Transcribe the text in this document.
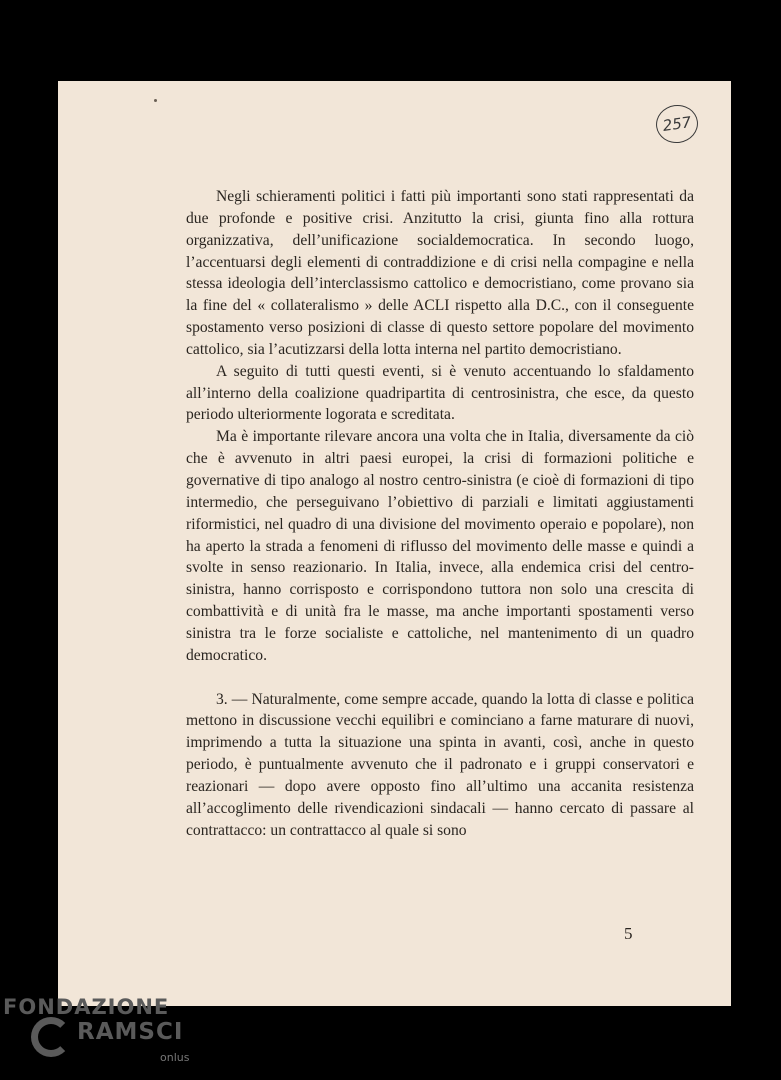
257

Negli schieramenti politici i fatti più importanti sono stati rappresentati da due profonde e positive crisi. Anzitutto la crisi, giunta fino alla rottura organizzativa, dell’unificazione socialdemocratica. In secondo luogo, l’accentuarsi degli elementi di contraddizione e di crisi nella compagine e nella stessa ideologia dell’interclassismo cattolico e democristiano, come provano sia la fine del « collateralismo » delle ACLI rispetto alla D.C., con il conseguente spostamento verso posizioni di classe di questo settore popolare del movimento cattolico, sia l’acutizzarsi della lotta interna nel partito democristiano.

A seguito di tutti questi eventi, si è venuto accentuando lo sfaldamento all’interno della coalizione quadripartita di centrosinistra, che esce, da questo periodo ulteriormente logorata e screditata.

Ma è importante rilevare ancora una volta che in Italia, diversamente da ciò che è avvenuto in altri paesi europei, la crisi di formazioni politiche e governative di tipo analogo al nostro centro-sinistra (e cioè di formazioni di tipo intermedio, che perseguivano l’obiettivo di parziali e limitati aggiustamenti riformistici, nel quadro di una divisione del movimento operaio e popolare), non ha aperto la strada a fenomeni di riflusso del movimento delle masse e quindi a svolte in senso reazionario. In Italia, invece, alla endemica crisi del centro-sinistra, hanno corrisposto e corrispondono tuttora non solo una crescita di combattività e di unità fra le masse, ma anche importanti spostamenti verso sinistra tra le forze socialiste e cattoliche, nel mantenimento di un quadro democratico.

3. — Naturalmente, come sempre accade, quando la lotta di classe e politica mettono in discussione vecchi equilibri e cominciano a farne maturare di nuovi, imprimendo a tutta la situazione una spinta in avanti, così, anche in questo periodo, è puntualmente avvenuto che il padronato e i gruppi conservatori e reazionari — dopo avere opposto fino all’ultimo una accanita resistenza all’accoglimento delle rivendicazioni sindacali — hanno cercato di passare al contrattacco: un contrattacco al quale si sono

5
FONDAZIONE
RAMSCI
onlus
